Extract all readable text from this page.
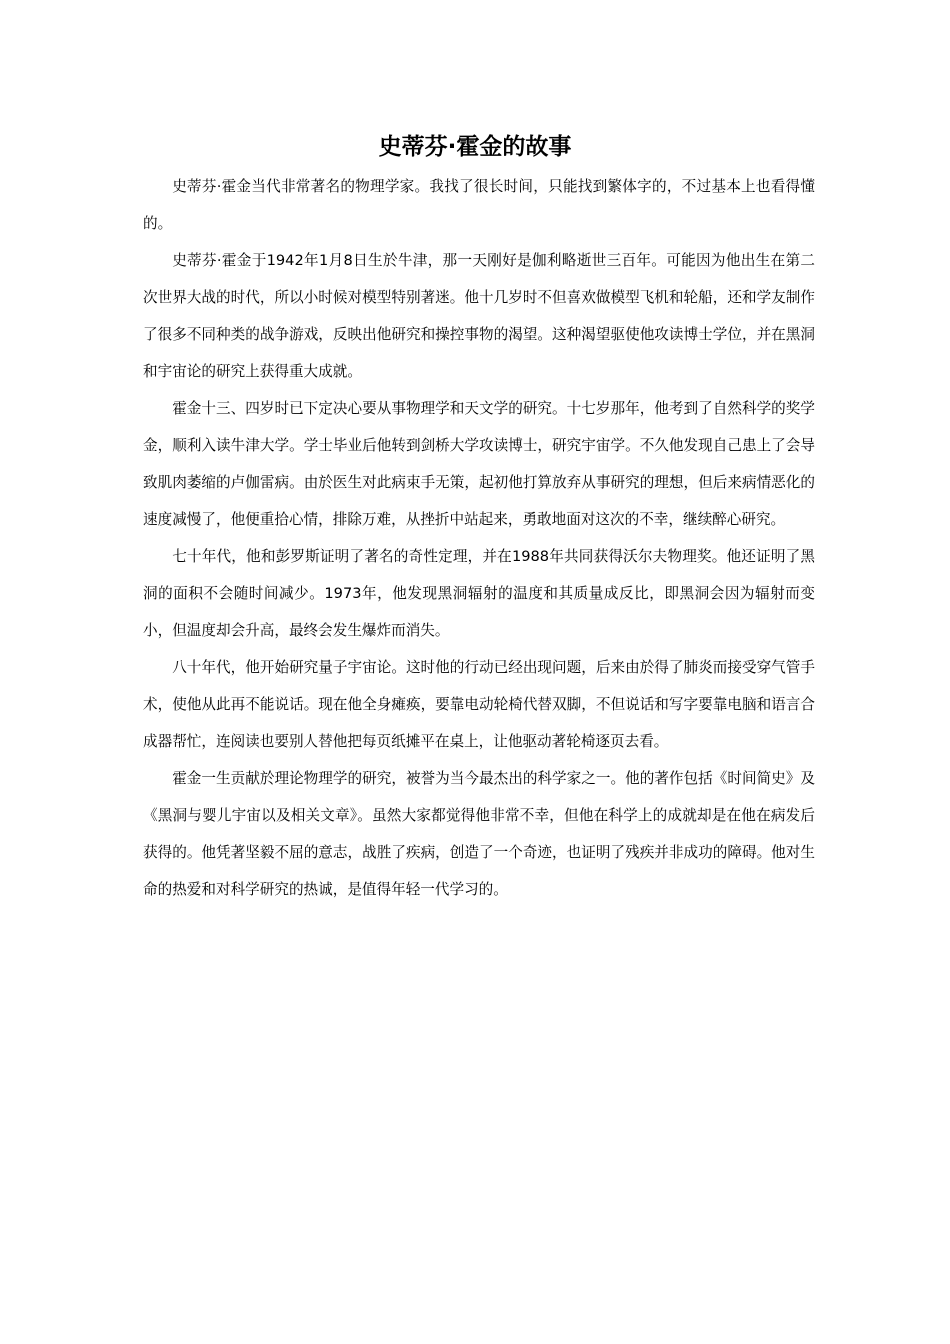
史蒂芬·霍金的故事

史蒂芬·霍金当代非常著名的物理学家。我找了很长时间，只能找到繁体字的，不过基本上也看得懂的。

史蒂芬·霍金于1942年1月8日生於牛津，那一天刚好是伽利略逝世三百年。可能因为他出生在第二次世界大战的时代，所以小时候对模型特别著迷。他十几岁时不但喜欢做模型飞机和轮船，还和学友制作了很多不同种类的战争游戏，反映出他研究和操控事物的渴望。这种渴望驱使他攻读博士学位，并在黑洞和宇宙论的研究上获得重大成就。

霍金十三、四岁时已下定决心要从事物理学和天文学的研究。十七岁那年，他考到了自然科学的奖学金，顺利入读牛津大学。学士毕业后他转到剑桥大学攻读博士，研究宇宙学。不久他发现自己患上了会导致肌肉萎缩的卢伽雷病。由於医生对此病束手无策，起初他打算放弃从事研究的理想，但后来病情恶化的速度减慢了，他便重拾心情，排除万难，从挫折中站起来，勇敢地面对这次的不幸，继续醉心研究。

七十年代，他和彭罗斯证明了著名的奇性定理，并在1988年共同获得沃尔夫物理奖。他还证明了黑洞的面积不会随时间减少。1973年，他发现黑洞辐射的温度和其质量成反比，即黑洞会因为辐射而变小，但温度却会升高，最终会发生爆炸而消失。

八十年代，他开始研究量子宇宙论。这时他的行动已经出现问题，后来由於得了肺炎而接受穿气管手术，使他从此再不能说话。现在他全身瘫痪，要靠电动轮椅代替双脚，不但说话和写字要靠电脑和语言合成器帮忙，连阅读也要别人替他把每页纸摊平在桌上，让他驱动著轮椅逐页去看。

霍金一生贡献於理论物理学的研究，被誉为当今最杰出的科学家之一。他的著作包括《时间简史》及《黑洞与婴儿宇宙以及相关文章》。虽然大家都觉得他非常不幸，但他在科学上的成就却是在他在病发后获得的。他凭著坚毅不屈的意志，战胜了疾病，创造了一个奇迹，也证明了残疾并非成功的障碍。他对生命的热爱和对科学研究的热诚，是值得年轻一代学习的。
